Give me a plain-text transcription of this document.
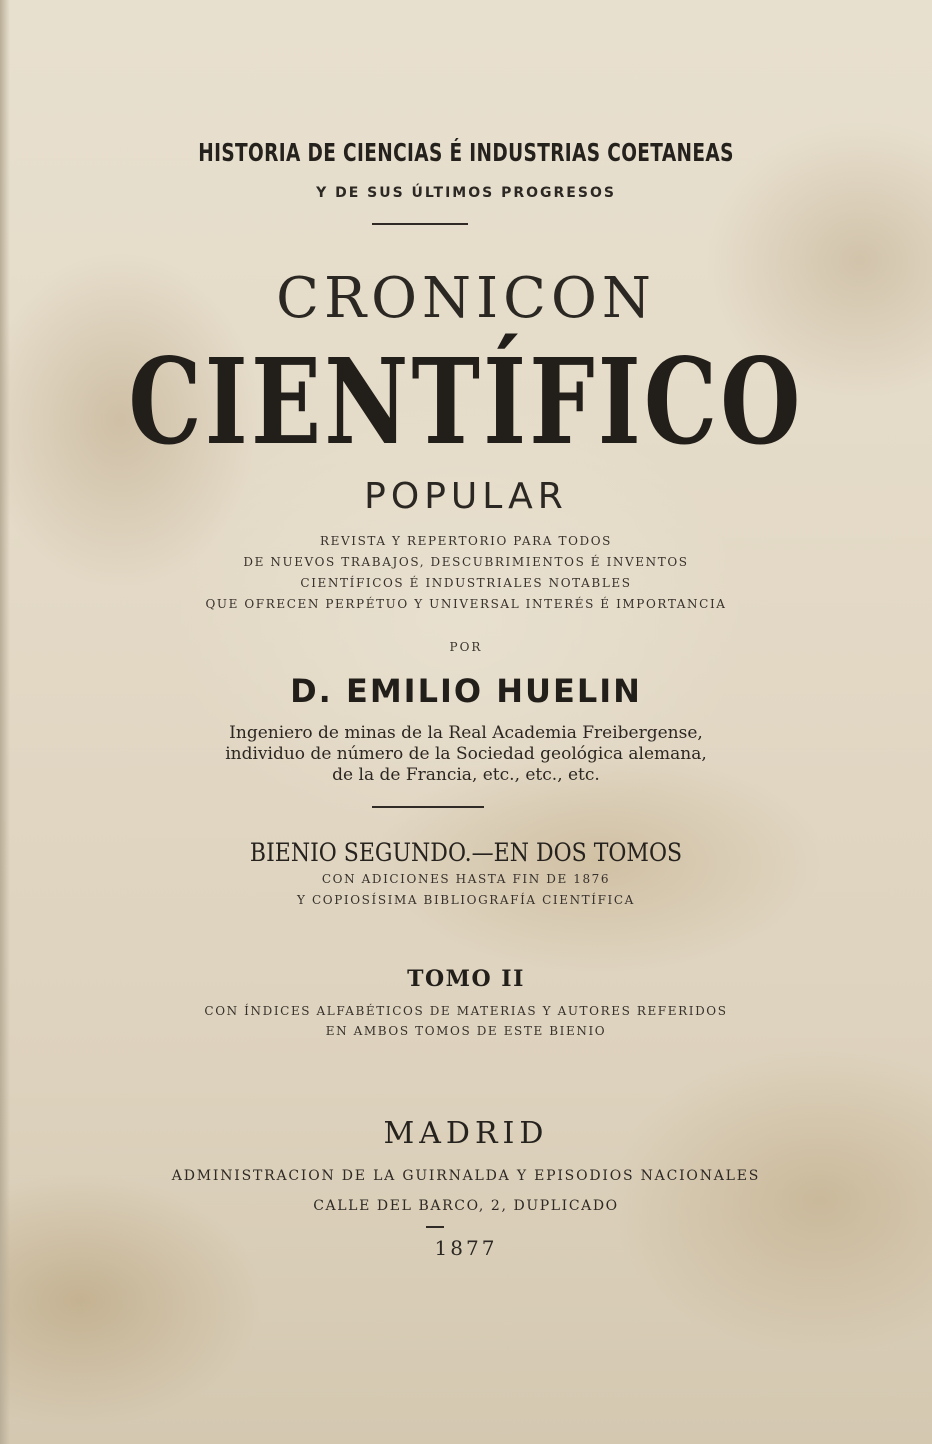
HISTORIA DE CIENCIAS É INDUSTRIAS COETANEAS
Y DE SUS ÚLTIMOS PROGRESOS
CRONICON
CIENTÍFICO
POPULAR
REVISTA Y REPERTORIO PARA TODOS
DE NUEVOS TRABAJOS, DESCUBRIMIENTOS É INVENTOS
CIENTÍFICOS É INDUSTRIALES NOTABLES
QUE OFRECEN PERPÉTUO Y UNIVERSAL INTERÉS É IMPORTANCIA
POR
D. EMILIO HUELIN
Ingeniero de minas de la Real Academia Freibergense,
individuo de número de la Sociedad geológica alemana,
de la de Francia, etc., etc., etc.
BIENIO SEGUNDO.—EN DOS TOMOS
CON ADICIONES HASTA FIN DE 1876
Y COPIOSÍSIMA BIBLIOGRAFÍA CIENTÍFICA
TOMO II
CON ÍNDICES ALFABÉTICOS DE MATERIAS Y AUTORES REFERIDOS
EN AMBOS TOMOS DE ESTE BIENIO
MADRID
ADMINISTRACION DE LA GUIRNALDA Y EPISODIOS NACIONALES
CALLE DEL BARCO, 2, DUPLICADO
1877
